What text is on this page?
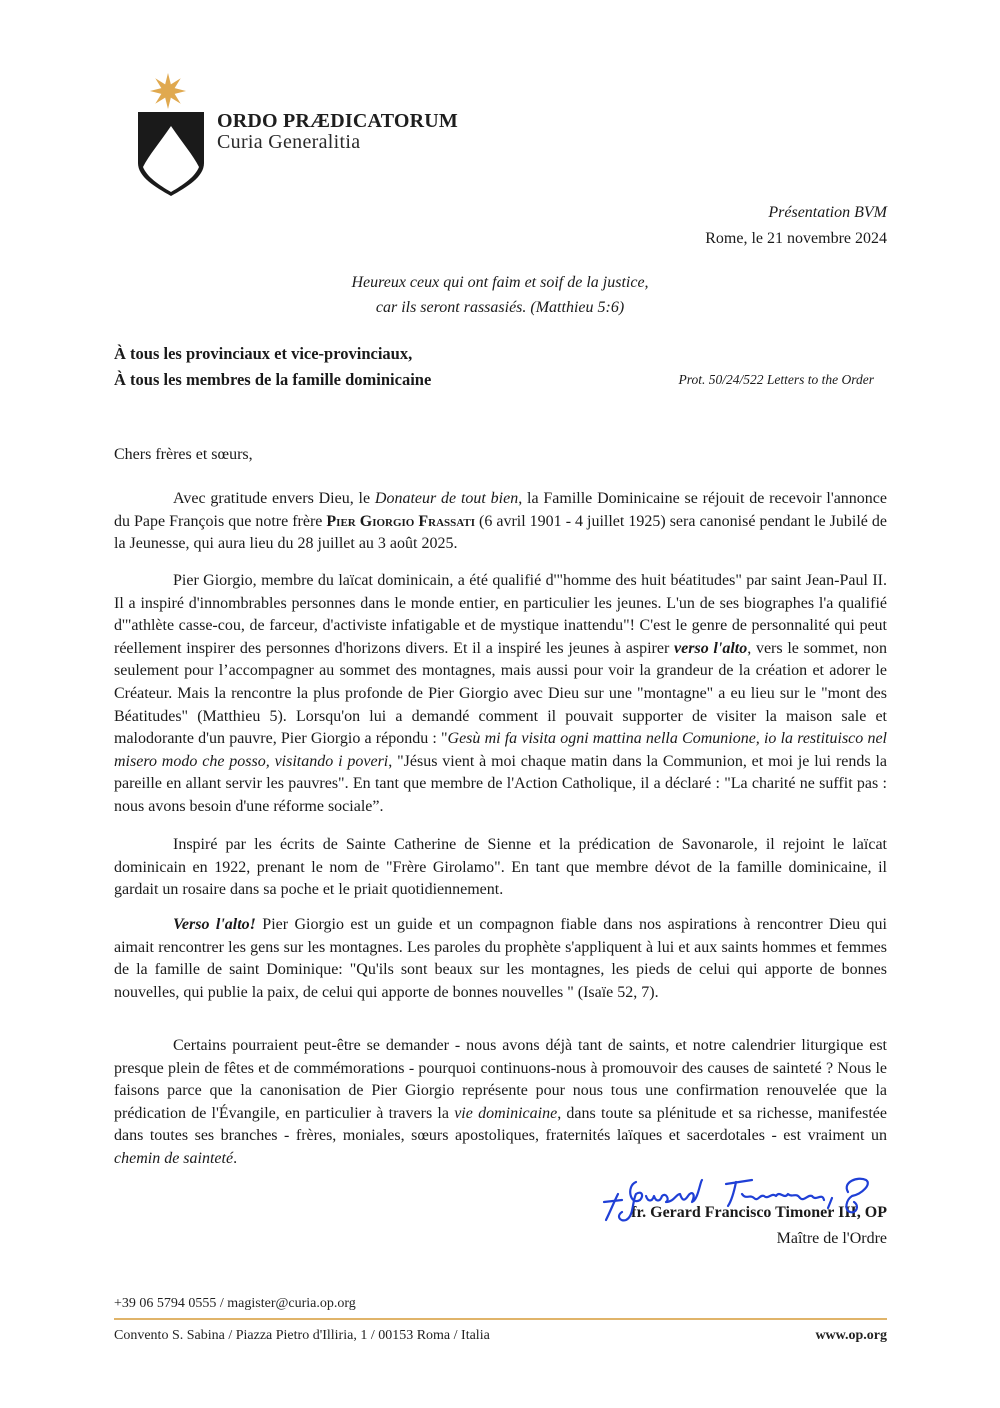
ORDO PRÆDICATORUM
Curia Generalitia
Présentation BVM
Rome, le 21 novembre 2024
Heureux ceux qui ont faim et soif de la justice,
car ils seront rassasiés. (Matthieu 5:6)
À tous les provinciaux et vice-provinciaux,
À tous les membres de la famille dominicaine	Prot. 50/24/522 Letters to the Order
Chers frères et sœurs,

Avec gratitude envers Dieu, le Donateur de tout bien, la Famille Dominicaine se réjouit de recevoir l'annonce du Pape François que notre frère Pier Giorgio Frassati (6 avril 1901 - 4 juillet 1925) sera canonisé pendant le Jubilé de la Jeunesse, qui aura lieu du 28 juillet au 3 août 2025.

Pier Giorgio, membre du laïcat dominicain, a été qualifié d'"homme des huit béatitudes" par saint Jean-Paul II. Il a inspiré d'innombrables personnes dans le monde entier, en particulier les jeunes. L'un de ses biographes l'a qualifié d'"athlète casse-cou, de farceur, d'activiste infatigable et de mystique inattendu"! C'est le genre de personnalité qui peut réellement inspirer des personnes d'horizons divers. Et il a inspiré les jeunes à aspirer verso l'alto, vers le sommet, non seulement pour l’accompagner au sommet des montagnes, mais aussi pour voir la grandeur de la création et adorer le Créateur. Mais la rencontre la plus profonde de Pier Giorgio avec Dieu sur une "montagne" a eu lieu sur le "mont des Béatitudes" (Matthieu 5). Lorsqu'on lui a demandé comment il pouvait supporter de visiter la maison sale et malodorante d'un pauvre, Pier Giorgio a répondu : "Gesù mi fa visita ogni mattina nella Comunione, io la restituisco nel misero modo che posso, visitando i poveri, "Jésus vient à moi chaque matin dans la Communion, et moi je lui rends la pareille en allant servir les pauvres". En tant que membre de l'Action Catholique, il a déclaré : "La charité ne suffit pas : nous avons besoin d'une réforme sociale”.

Inspiré par les écrits de Sainte Catherine de Sienne et la prédication de Savonarole, il rejoint le laïcat dominicain en 1922, prenant le nom de "Frère Girolamo". En tant que membre dévot de la famille dominicaine, il gardait un rosaire dans sa poche et le priait quotidiennement.

Verso l'alto! Pier Giorgio est un guide et un compagnon fiable dans nos aspirations à rencontrer Dieu qui aimait rencontrer les gens sur les montagnes. Les paroles du prophète s'appliquent à lui et aux saints hommes et femmes de la famille de saint Dominique: "Qu'ils sont beaux sur les montagnes, les pieds de celui qui apporte de bonnes nouvelles, qui publie la paix, de celui qui apporte de bonnes nouvelles " (Isaïe 52, 7).

Certains pourraient peut-être se demander - nous avons déjà tant de saints, et notre calendrier liturgique est presque plein de fêtes et de commémorations - pourquoi continuons-nous à promouvoir des causes de sainteté ? Nous le faisons parce que la canonisation de Pier Giorgio représente pour nous tous une confirmation renouvelée que la prédication de l'Évangile, en particulier à travers la vie dominicaine, dans toute sa plénitude et sa richesse, manifestée dans toutes ses branches - frères, moniales, sœurs apostoliques, fraternités laïques et sacerdotales - est vraiment un chemin de sainteté.

fr. Gerard Francisco Timoner III, OP
Maître de l'Ordre
+39 06 5794 0555 / magister@curia.op.org
Convento S. Sabina / Piazza Pietro d'Illiria, 1 / 00153 Roma / Italia	www.op.org
